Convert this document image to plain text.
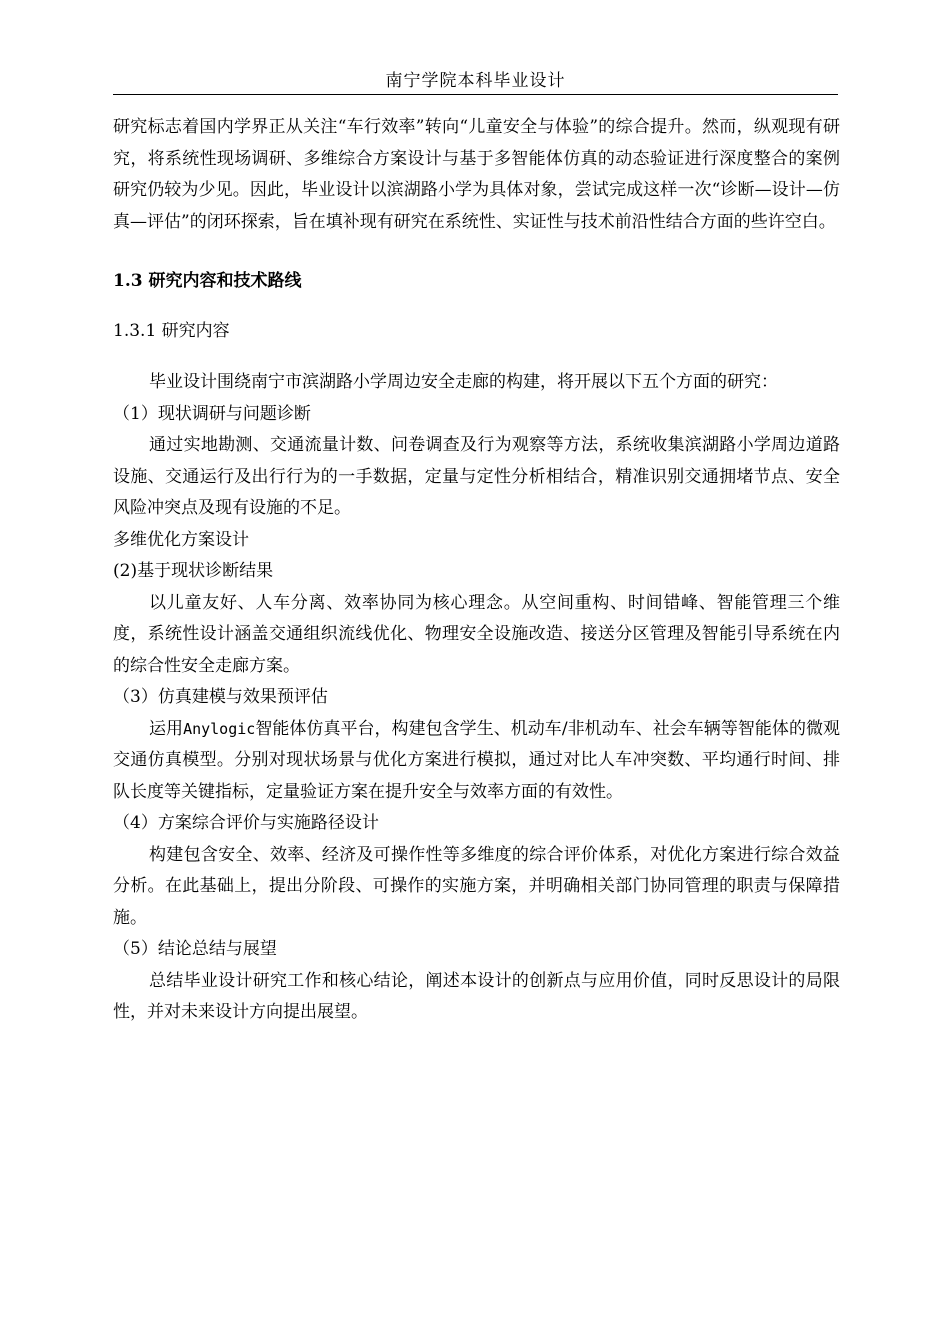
南宁学院本科毕业设计

研究标志着国内学界正从关注“车行效率”转向“儿童安全与体验”的综合提升。然而，纵观现有研究，将系统性现场调研、多维综合方案设计与基于多智能体仿真的动态验证进行深度整合的案例研究仍较为少见。因此，毕业设计以滨湖路小学为具体对象，尝试完成这样一次“诊断—设计—仿真—评估”的闭环探索，旨在填补现有研究在系统性、实证性与技术前沿性结合方面的些许空白。

1.3 研究内容和技术路线

1.3.1 研究内容

毕业设计围绕南宁市滨湖路小学周边安全走廊的构建，将开展以下五个方面的研究：

（1）现状调研与问题诊断

通过实地勘测、交通流量计数、问卷调查及行为观察等方法，系统收集滨湖路小学周边道路设施、交通运行及出行行为的一手数据，定量与定性分析相结合，精准识别交通拥堵节点、安全风险冲突点及现有设施的不足。

多维优化方案设计

(2)基于现状诊断结果

以儿童友好、人车分离、效率协同为核心理念。从空间重构、时间错峰、智能管理三个维度，系统性设计涵盖交通组织流线优化、物理安全设施改造、接送分区管理及智能引导系统在内的综合性安全走廊方案。

（3）仿真建模与效果预评估

运用Anylogic智能体仿真平台，构建包含学生、机动车/非机动车、社会车辆等智能体的微观交通仿真模型。分别对现状场景与优化方案进行模拟，通过对比人车冲突数、平均通行时间、排队长度等关键指标，定量验证方案在提升安全与效率方面的有效性。

（4）方案综合评价与实施路径设计

构建包含安全、效率、经济及可操作性等多维度的综合评价体系，对优化方案进行综合效益分析。在此基础上，提出分阶段、可操作的实施方案，并明确相关部门协同管理的职责与保障措施。

（5）结论总结与展望

总结毕业设计研究工作和核心结论，阐述本设计的创新点与应用价值，同时反思设计的局限性，并对未来设计方向提出展望。
